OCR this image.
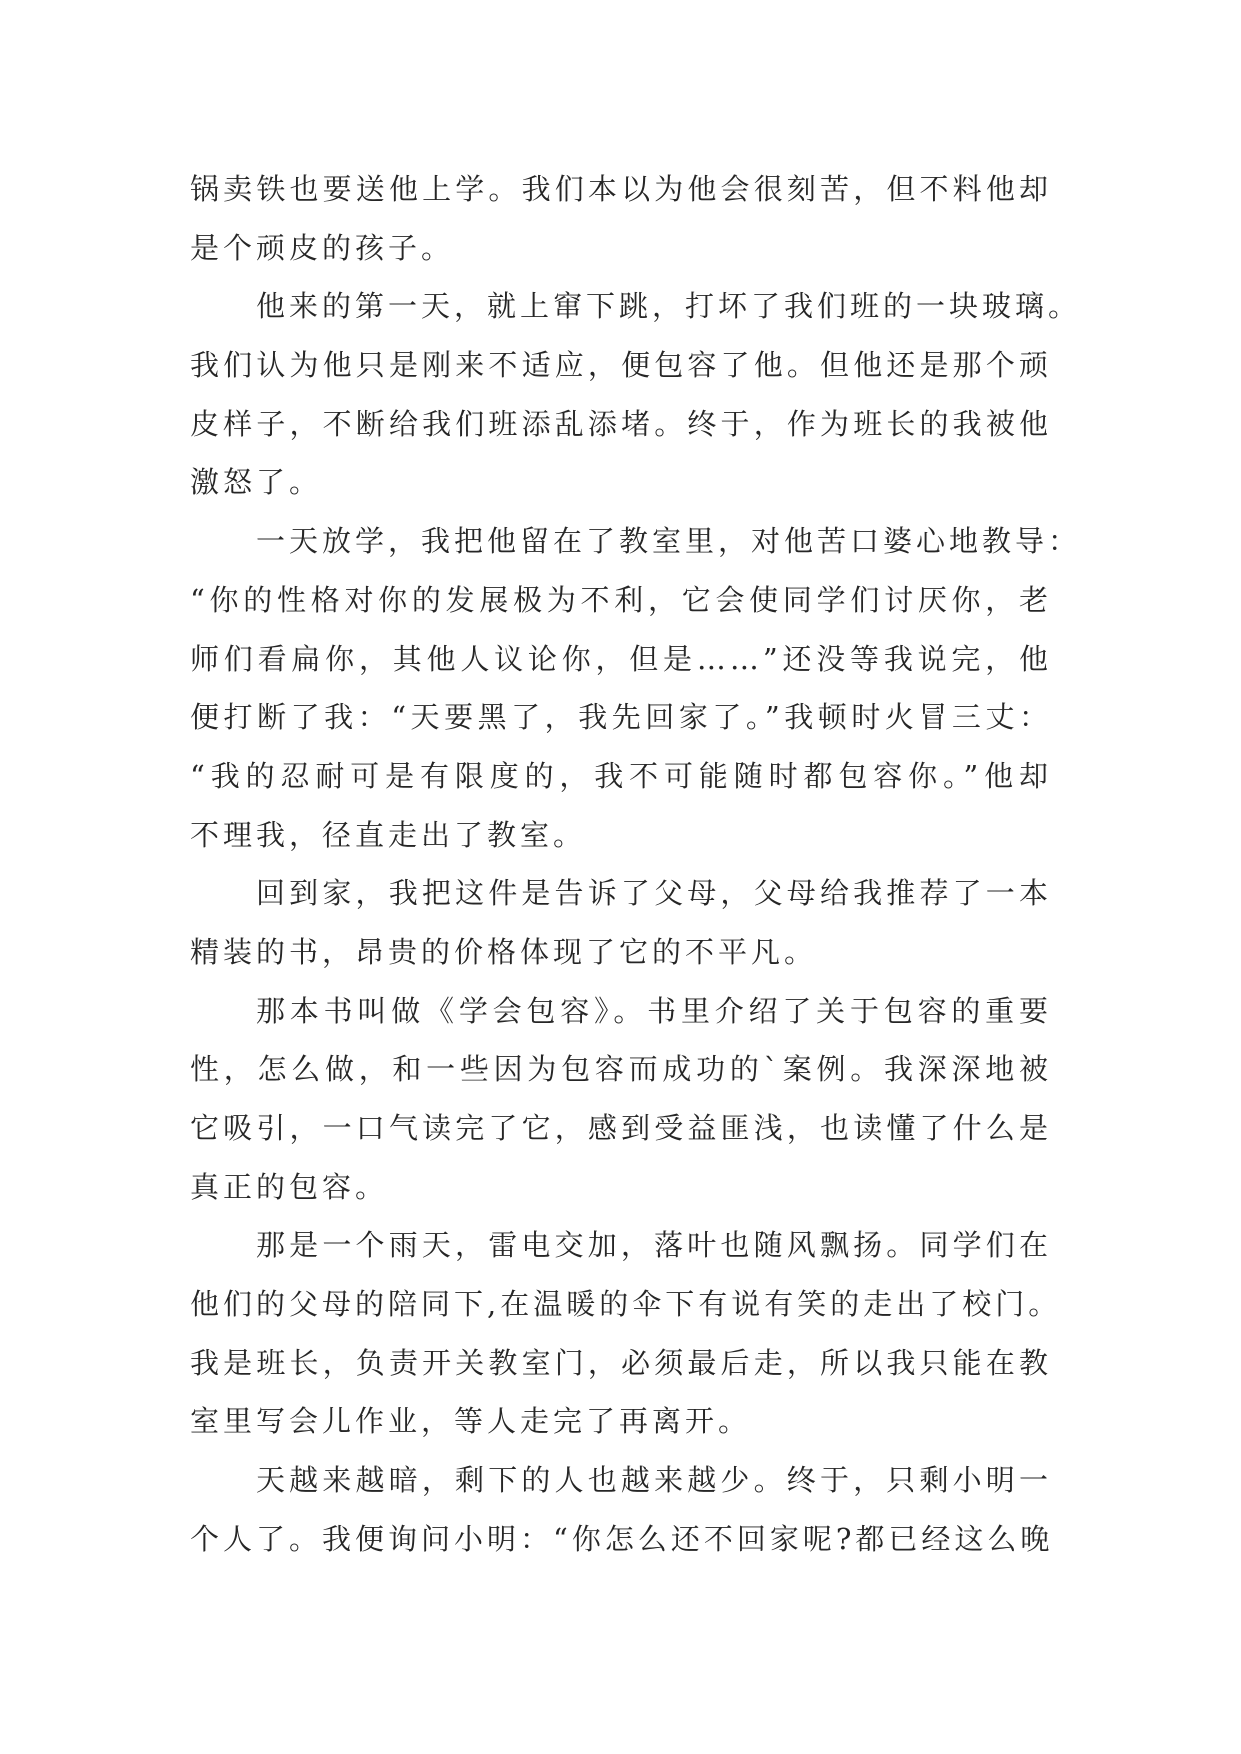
锅卖铁也要送他上学。我们本以为他会很刻苦，但不料他却
是个顽皮的孩子。
他来的第一天，就上窜下跳，打坏了我们班的一块玻璃。
我们认为他只是刚来不适应，便包容了他。但他还是那个顽
皮样子，不断给我们班添乱添堵。终于，作为班长的我被他
激怒了。
一天放学，我把他留在了教室里，对他苦口婆心地教导：
“你的性格对你的发展极为不利，它会使同学们讨厌你，老
师们看扁你，其他人议论你，但是……”还没等我说完，他
便打断了我：“天要黑了，我先回家了。”我顿时火冒三丈：
“我的忍耐可是有限度的，我不可能随时都包容你。”他却
不理我，径直走出了教室。
回到家，我把这件是告诉了父母，父母给我推荐了一本
精装的书，昂贵的价格体现了它的不平凡。
那本书叫做《学会包容》。书里介绍了关于包容的重要
性，怎么做，和一些因为包容而成功的`案例。我深深地被
它吸引，一口气读完了它，感到受益匪浅，也读懂了什么是
真正的包容。
那是一个雨天，雷电交加，落叶也随风飘扬。同学们在
他们的父母的陪同下,在温暖的伞下有说有笑的走出了校门。
我是班长，负责开关教室门，必须最后走，所以我只能在教
室里写会儿作业，等人走完了再离开。
天越来越暗，剩下的人也越来越少。终于，只剩小明一
个人了。我便询问小明：“你怎么还不回家呢?都已经这么晚
